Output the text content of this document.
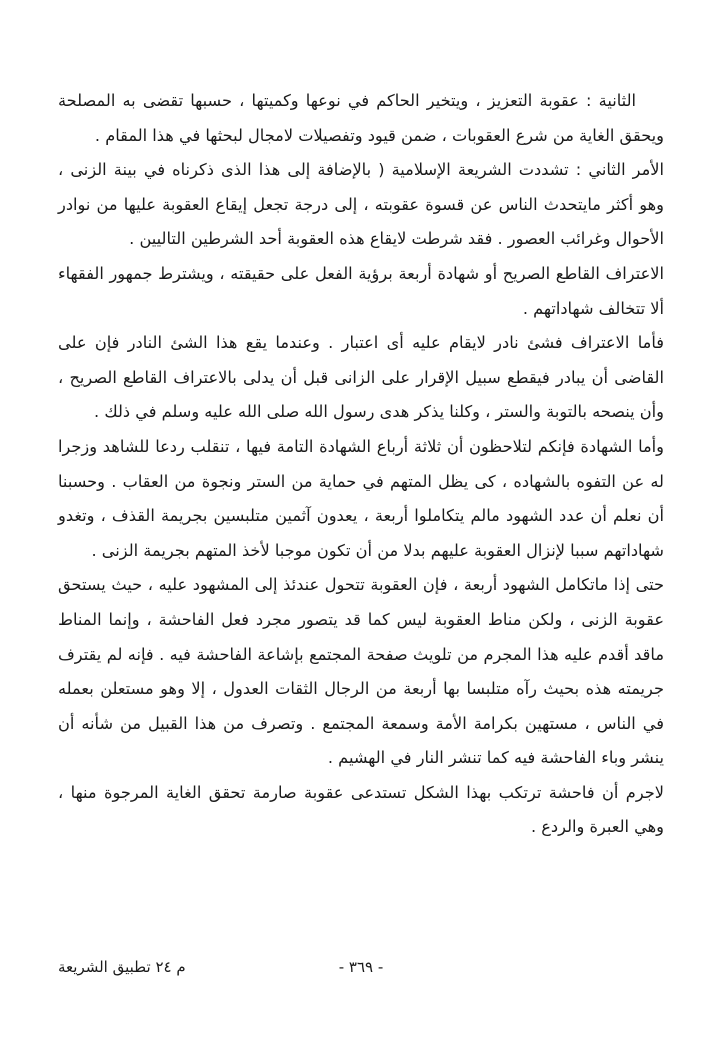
الثانية : عقوبة التعزيز ، ويتخير الحاكم في نوعها وكميتها ، حسبها تقضى به المصلحة ويحقق الغاية من شرع العقوبات ، ضمن قيود وتفصيلات لامجال لبحثها في هذا المقام .

الأمر الثاني : تشددت الشريعة الإسلامية ( بالإضافة إلى هذا الذى ذكرناه في بينة الزنى ، وهو أكثر مايتحدث الناس عن قسوة عقوبته ، إلى درجة تجعل إيقاع العقوبة عليها من نوادر الأحوال وغرائب العصور . فقد شرطت لايقاع هذه العقوبة أحد الشرطين التاليين .

الاعتراف القاطع الصريح أو شهادة أربعة برؤية الفعل على حقيقته ، ويشترط جمهور الفقهاء ألا تتخالف شهاداتهم .

فأما الاعتراف فشئ نادر لايقام عليه أى اعتبار . وعندما يقع هذا الشئ النادر فإن على القاضى أن يبادر فيقطع سبيل الإقرار على الزانى قبل أن يدلى بالاعتراف القاطع الصريح ، وأن ينصحه بالتوبة والستر ، وكلنا يذكر هدى رسول الله صلى الله عليه وسلم في ذلك .

وأما الشهادة فإنكم لتلاحظون أن ثلاثة أرباع الشهادة التامة فيها ، تنقلب ردعا للشاهد وزجرا له عن التفوه بالشهاده ، كى يظل المتهم في حماية من الستر ونجوة من العقاب . وحسبنا أن نعلم أن عدد الشهود مالم يتكاملوا أربعة ، يعدون آثمين متلبسين بجريمة القذف ، وتغدو شهاداتهم سببا لإنزال العقوبة عليهم بدلا من أن تكون موجبا لأخذ المتهم بجريمة الزنى .

حتى إذا ماتكامل الشهود أربعة ، فإن العقوبة تتحول عندئذ إلى المشهود عليه ، حيث يستحق عقوبة الزنى ، ولكن مناط العقوبة ليس كما قد يتصور مجرد فعل الفاحشة ، وإنما المناط ماقد أقدم عليه هذا المجرم من تلويث صفحة المجتمع بإشاعة الفاحشة فيه . فإنه لم يقترف جريمته هذه بحيث رآه متلبسا بها أربعة من الرجال الثقات العدول ، إلا وهو مستعلن بعمله في الناس ، مستهين بكرامة الأمة وسمعة المجتمع . وتصرف من هذا القبيل من شأنه أن ينشر وباء الفاحشة فيه كما تنشر النار في الهشيم .

لاجرم أن فاحشة ترتكب بهذا الشكل تستدعى عقوبة صارمة تحقق الغاية المرجوة منها ، وهي العبرة والردع .

- ٣٦٩ -
م ٢٤ تطبيق الشريعة
